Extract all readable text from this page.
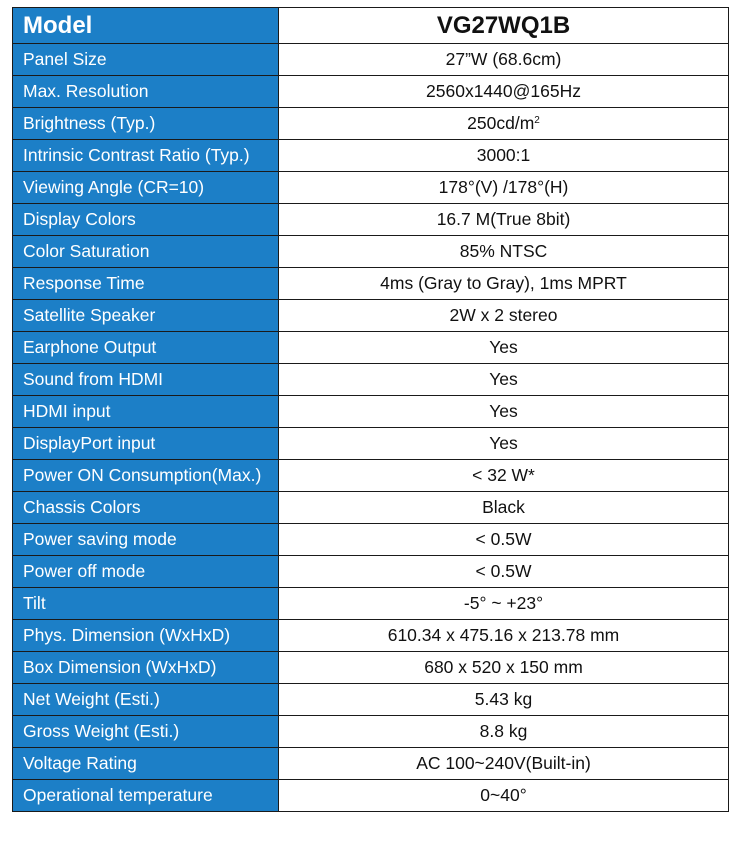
Model	VG27WQ1B
Panel Size	27”W (68.6cm)
Max. Resolution	2560x1440@165Hz
Brightness (Typ.)	$250cd/m^2$
Intrinsic Contrast Ratio (Typ.)	3000:1
Viewing Angle (CR=10)	178°(V) /178°(H)
Display Colors	16.7 M(True 8bit)
Color Saturation	85% NTSC
Response Time	4ms (Gray to Gray), 1ms MPRT
Satellite Speaker	2W x 2 stereo
Earphone Output	Yes
Sound from HDMI	Yes
HDMI input	Yes
DisplayPort input	Yes
Power ON Consumption(Max.)	< 32 W*
Chassis Colors	Black
Power saving mode	< 0.5W
Power off mode	< 0.5W
Tilt	-5° ~ +23°
Phys. Dimension (WxHxD)	610.34 x 475.16 x 213.78 mm
Box Dimension (WxHxD)	680 x 520 x 150 mm
Net Weight (Esti.)	5.43 kg
Gross Weight (Esti.)	8.8 kg
Voltage Rating	AC 100~240V(Built-in)
Operational temperature	0~40°
